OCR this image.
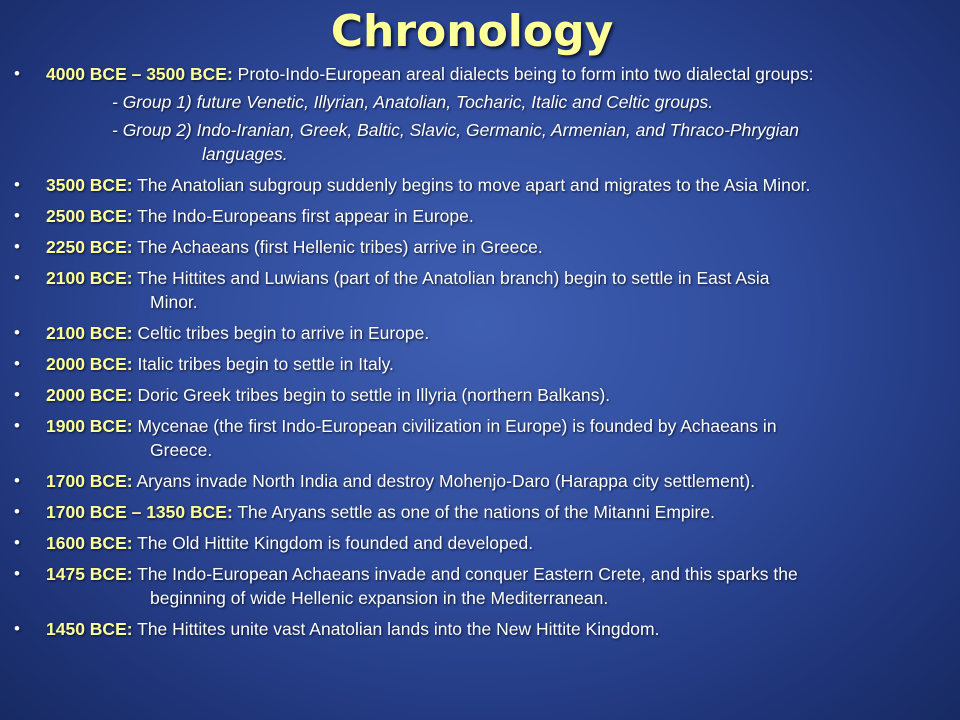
Chronology
• 4000 BCE – 3500 BCE: Proto-Indo-European areal dialects being to form into two dialectal groups:
- Group 1) future Venetic, Illyrian, Anatolian, Tocharic, Italic and Celtic groups.
- Group 2) Indo-Iranian, Greek, Baltic, Slavic, Germanic, Armenian, and Thraco-Phrygian
languages.
• 3500 BCE: The Anatolian subgroup suddenly begins to move apart and migrates to the Asia Minor.
• 2500 BCE: The Indo-Europeans first appear in Europe.
• 2250 BCE: The Achaeans (first Hellenic tribes) arrive in Greece.
• 2100 BCE: The Hittites and Luwians (part of the Anatolian branch) begin to settle in East Asia
Minor.
• 2100 BCE: Celtic tribes begin to arrive in Europe.
• 2000 BCE: Italic tribes begin to settle in Italy.
• 2000 BCE: Doric Greek tribes begin to settle in Illyria (northern Balkans).
• 1900 BCE: Mycenae (the first Indo-European civilization in Europe) is founded by Achaeans in
Greece.
• 1700 BCE: Aryans invade North India and destroy Mohenjo-Daro (Harappa city settlement).
• 1700 BCE – 1350 BCE: The Aryans settle as one of the nations of the Mitanni Empire.
• 1600 BCE: The Old Hittite Kingdom is founded and developed.
• 1475 BCE: The Indo-European Achaeans invade and conquer Eastern Crete, and this sparks the
beginning of wide Hellenic expansion in the Mediterranean.
• 1450 BCE: The Hittites unite vast Anatolian lands into the New Hittite Kingdom.
